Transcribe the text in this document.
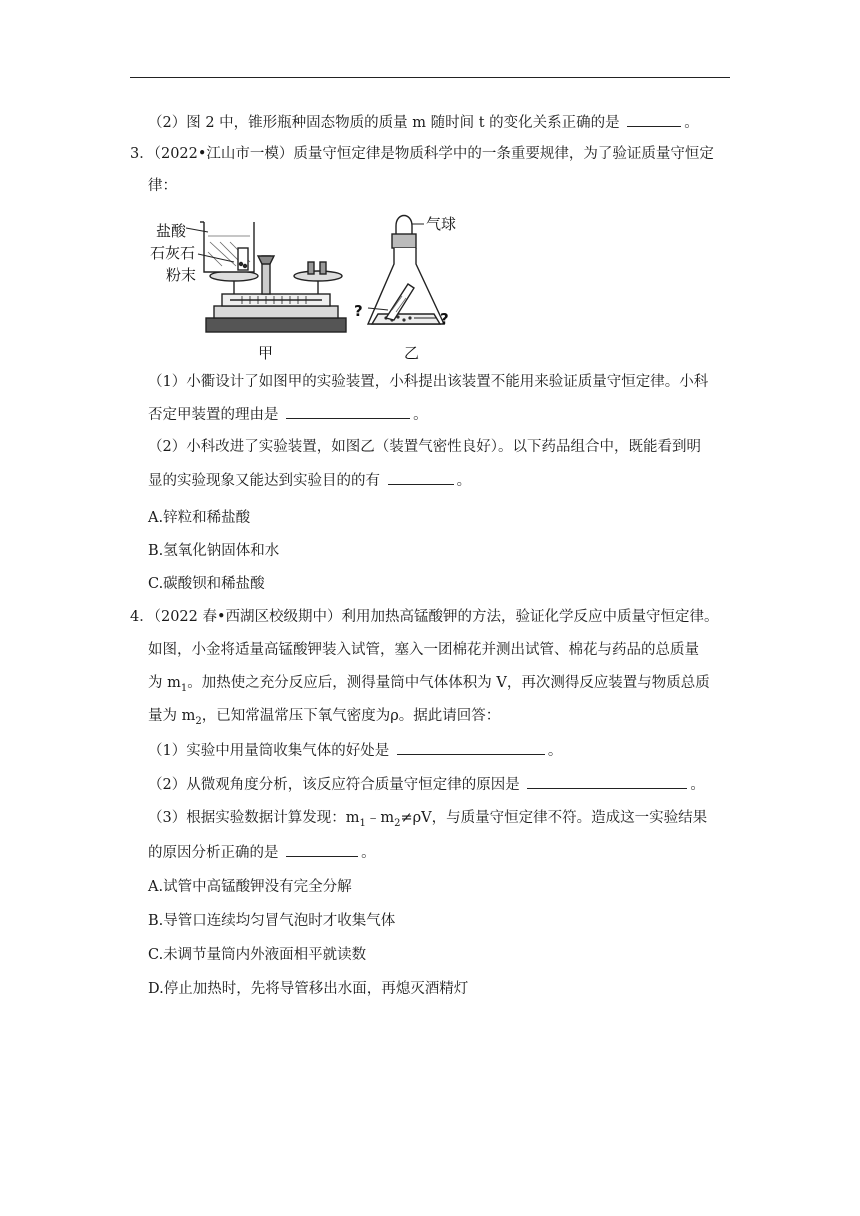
（2）图 2 中，锥形瓶种固态物质的质量 m 随时间 t 的变化关系正确的是	。
3．（2022•江山市一模）质量守恒定律是物质科学中的一条重要规律，为了验证质量守恒定
律：
盐酸
石灰石
粉末
甲
气球
?	?
乙
（1）小衢设计了如图甲的实验装置，小科提出该装置不能用来验证质量守恒定律。小科
否定甲装置的理由是	。
（2）小科改进了实验装置，如图乙（装置气密性良好）。以下药品组合中，既能看到明
显的实验现象又能达到实验目的的有	。
A.锌粒和稀盐酸
B.氢氧化钠固体和水
C.碳酸钡和稀盐酸
4．（2022 春•西湖区校级期中）利用加热高锰酸钾的方法，验证化学反应中质量守恒定律。
如图，小金将适量高锰酸钾装入试管，塞入一团棉花并测出试管、棉花与药品的总质量
为 $m_1$。加热使之充分反应后，测得量筒中气体体积为 V，再次测得反应装置与物质总质
量为 $m_2$，已知常温常压下氧气密度为ρ。据此请回答：
（1）实验中用量筒收集气体的好处是	。
（2）从微观角度分析，该反应符合质量守恒定律的原因是	。
（3）根据实验数据计算发现：$m_1﹣m_2\ne\rho V$，与质量守恒定律不符。造成这一实验结果
的原因分析正确的是	。
A.试管中高锰酸钾没有完全分解
B.导管口连续均匀冒气泡时才收集气体
C.未调节量筒内外液面相平就读数
D.停止加热时，先将导管移出水面，再熄灭酒精灯
